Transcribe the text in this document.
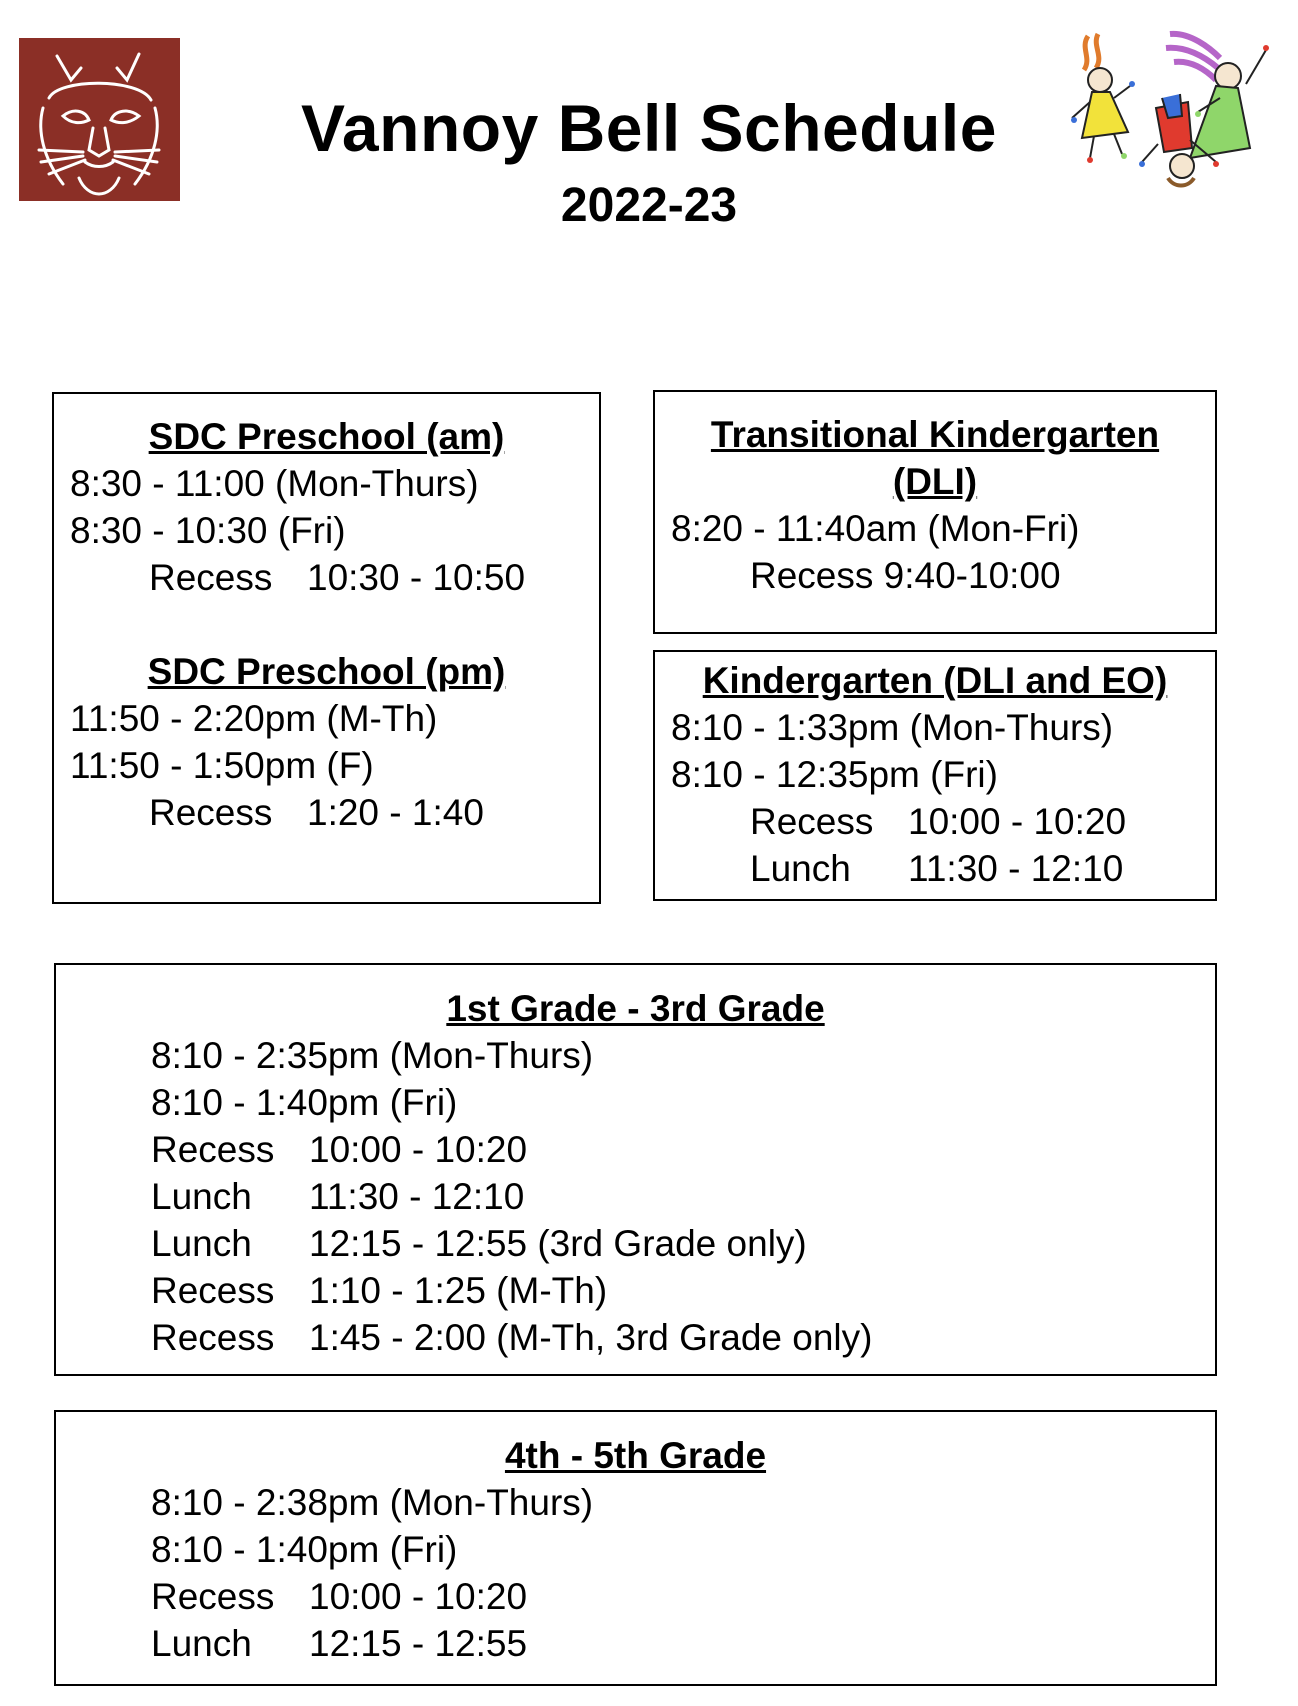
Vannoy Bell Schedule
2022-23
SDC Preschool (am)
8:30 - 11:00 (Mon-Thurs)
8:30 - 10:30 (Fri)
Recess 10:30 - 10:50
SDC Preschool (pm)
11:50 - 2:20pm (M-Th)
11:50 - 1:50pm (F)
Recess 1:20 - 1:40
Transitional Kindergarten
(DLI)
8:20 - 11:40am (Mon-Fri)
Recess 9:40-10:00
Kindergarten (DLI and EO)
8:10 - 1:33pm (Mon-Thurs)
8:10 - 12:35pm (Fri)
Recess 10:00 - 10:20
Lunch 11:30 - 12:10
1st Grade - 3rd Grade
8:10 - 2:35pm (Mon-Thurs)
8:10 - 1:40pm (Fri)
Recess 10:00 - 10:20
Lunch 11:30 - 12:10
Lunch 12:15 - 12:55 (3rd Grade only)
Recess 1:10 - 1:25 (M-Th)
Recess 1:45 - 2:00 (M-Th, 3rd Grade only)
4th - 5th Grade
8:10 - 2:38pm (Mon-Thurs)
8:10 - 1:40pm (Fri)
Recess 10:00 - 10:20
Lunch 12:15 - 12:55
